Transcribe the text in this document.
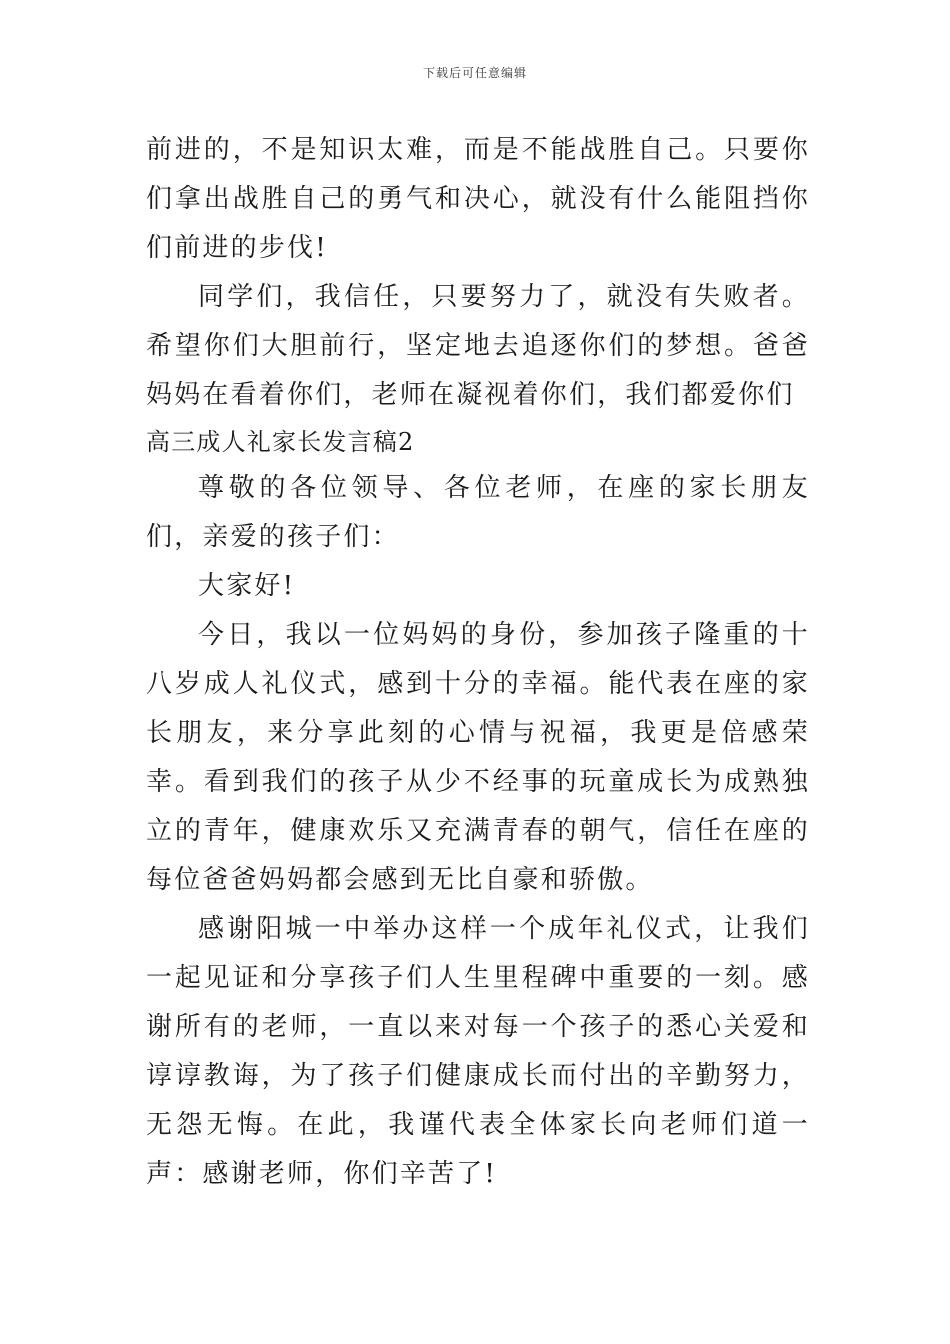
下载后可任意编辑

前进的，不是知识太难，而是不能战胜自己。只要你们拿出战胜自己的勇气和决心，就没有什么能阻挡你们前进的步伐!

同学们，我信任，只要努力了，就没有失败者。希望你们大胆前行，坚定地去追逐你们的梦想。爸爸妈妈在看着你们，老师在凝视着你们，我们都爱你们

高三成人礼家长发言稿2

尊敬的各位领导、各位老师，在座的家长朋友们，亲爱的孩子们：

大家好!

今日，我以一位妈妈的身份，参加孩子隆重的十八岁成人礼仪式，感到十分的幸福。能代表在座的家长朋友，来分享此刻的心情与祝福，我更是倍感荣幸。看到我们的孩子从少不经事的玩童成长为成熟独立的青年，健康欢乐又充满青春的朝气，信任在座的每位爸爸妈妈都会感到无比自豪和骄傲。

感谢阳城一中举办这样一个成年礼仪式，让我们一起见证和分享孩子们人生里程碑中重要的一刻。感谢所有的老师，一直以来对每一个孩子的悉心关爱和谆谆教诲，为了孩子们健康成长而付出的辛勤努力，无怨无悔。在此，我谨代表全体家长向老师们道一声：感谢老师，你们辛苦了!
